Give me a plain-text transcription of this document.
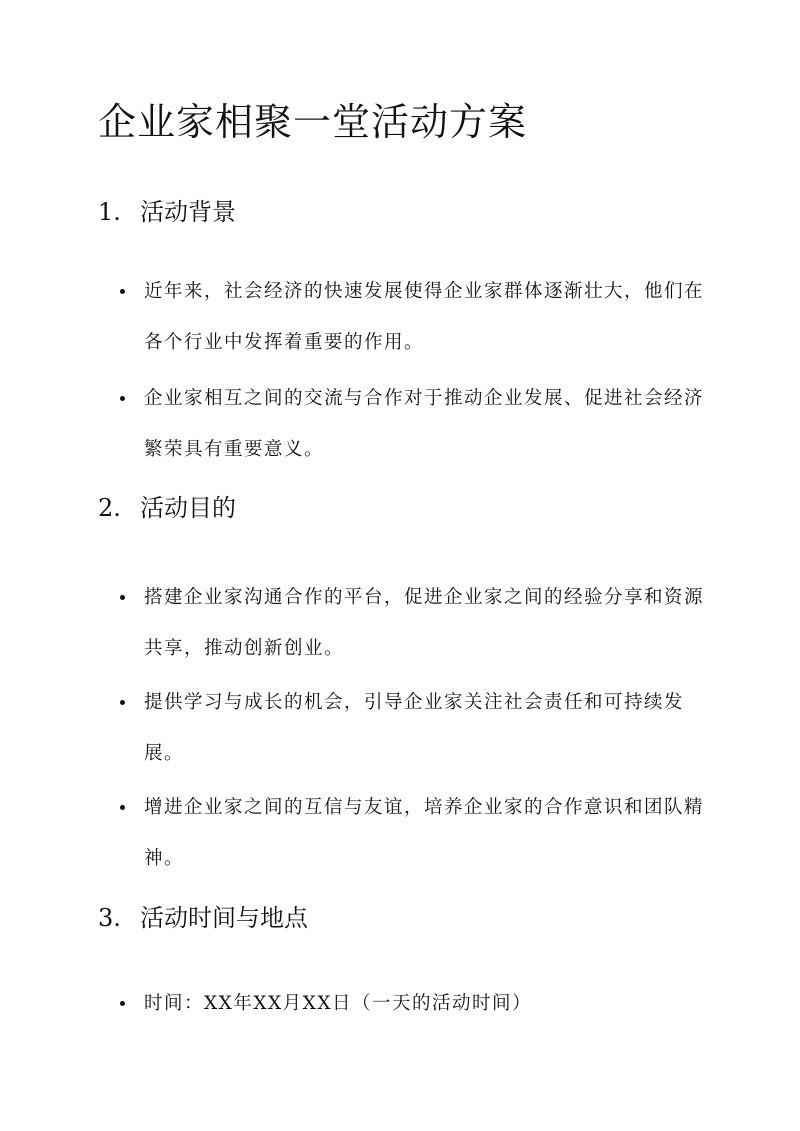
企业家相聚一堂活动方案
1. 活动背景
近年来，社会经济的快速发展使得企业家群体逐渐壮大，他们在各个行业中发挥着重要的作用。
企业家相互之间的交流与合作对于推动企业发展、促进社会经济繁荣具有重要意义。
2. 活动目的
搭建企业家沟通合作的平台，促进企业家之间的经验分享和资源共享，推动创新创业。
提供学习与成长的机会，引导企业家关注社会责任和可持续发展。
增进企业家之间的互信与友谊，培养企业家的合作意识和团队精神。
3. 活动时间与地点
时间：XX年XX月XX日（一天的活动时间）
